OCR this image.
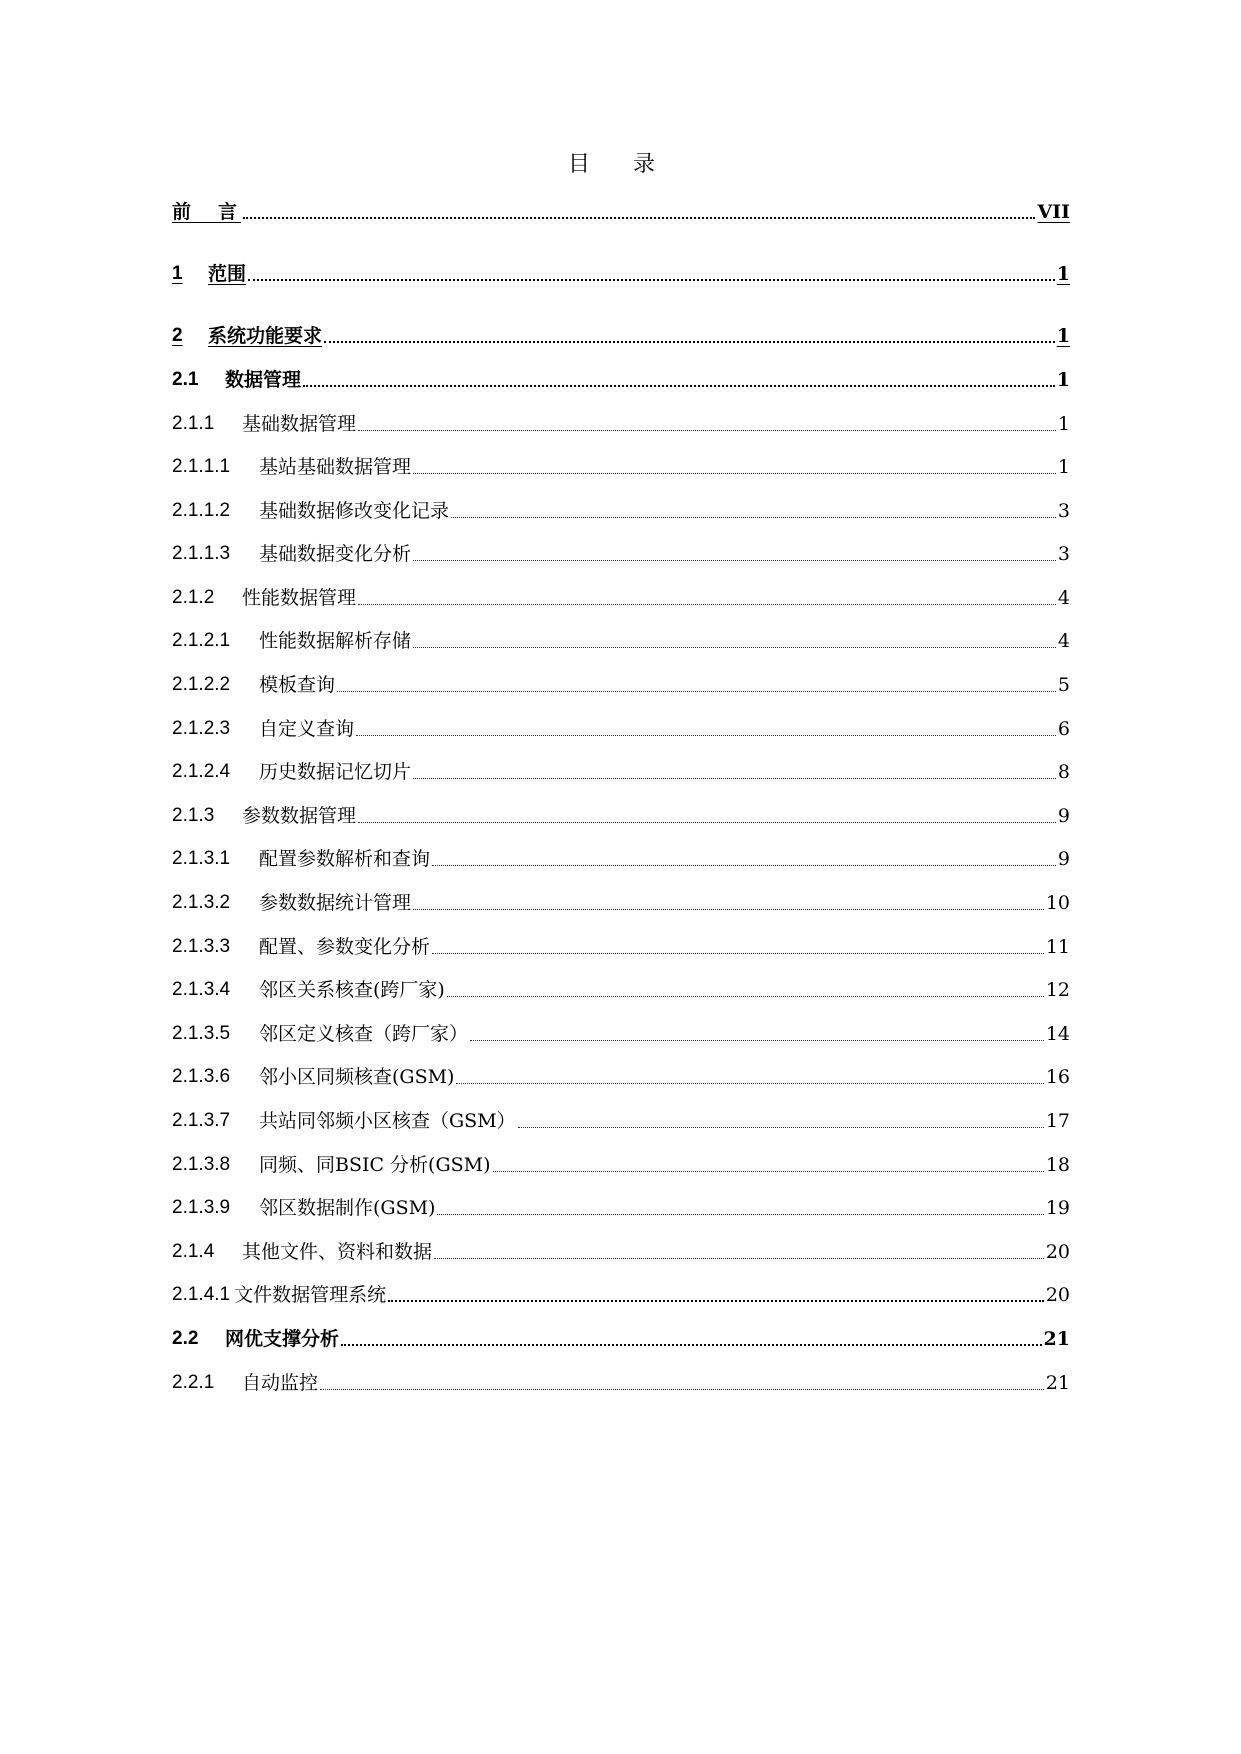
目 录
前　言	VII
1	范围	1
2	系统功能要求	1
2.1	数据管理	1
2.1.1	基础数据管理	1
2.1.1.1	基站基础数据管理	1
2.1.1.2	基础数据修改变化记录	3
2.1.1.3	基础数据变化分析	3
2.1.2	性能数据管理	4
2.1.2.1	性能数据解析存储	4
2.1.2.2	模板查询	5
2.1.2.3	自定义查询	6
2.1.2.4	历史数据记忆切片	8
2.1.3	参数数据管理	9
2.1.3.1	配置参数解析和查询	9
2.1.3.2	参数数据统计管理	10
2.1.3.3	配置、参数变化分析	11
2.1.3.4	邻区关系核查(跨厂家)	12
2.1.3.5	邻区定义核查（跨厂家）	14
2.1.3.6	邻小区同频核查(GSM)	16
2.1.3.7	共站同邻频小区核查（GSM）	17
2.1.3.8	同频、同BSIC 分析(GSM)	18
2.1.3.9	邻区数据制作(GSM)	19
2.1.4	其他文件、资料和数据	20
2.1.4.1 文件数据管理系统	20
2.2	网优支撑分析	21
2.2.1	自动监控	21
